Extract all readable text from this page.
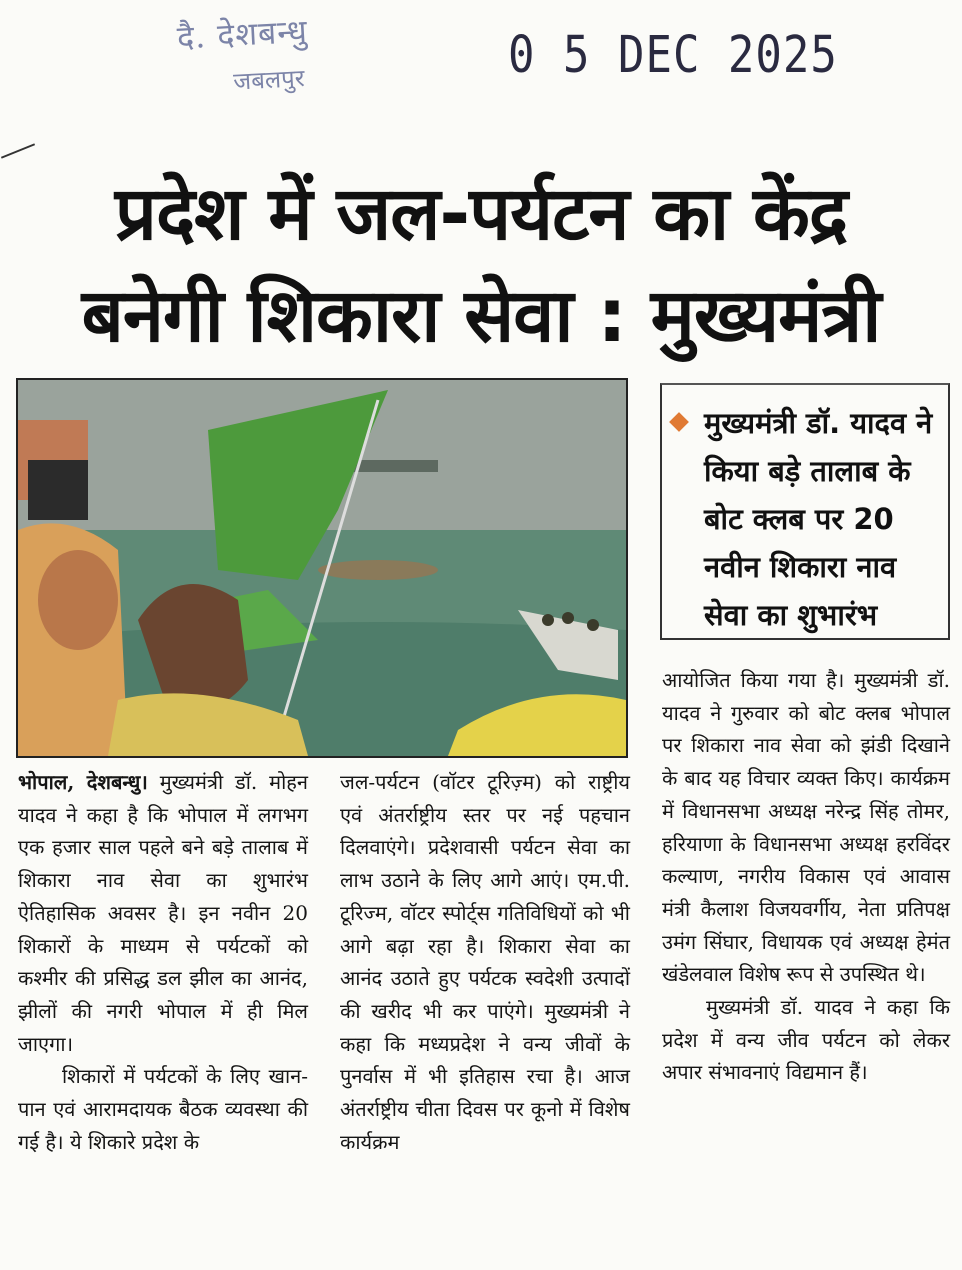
दै. देशबन्धु
जबलपुर	0 5 DEC 2025
प्रदेश में जल-पर्यटन का केंद्र
बनेगी शिकारा सेवा : मुख्यमंत्री
मुख्यमंत्री डॉ. यादव ने किया बड़े तालाब के बोट क्लब पर 20 नवीन शिकारा नाव सेवा का शुभारंभ

भोपाल, देशबन्धु। मुख्यमंत्री डॉ. मोहन यादव ने कहा है कि भोपाल में लगभग एक हजार साल पहले बने बड़े तालाब में शिकारा नाव सेवा का शुभारंभ ऐतिहासिक अवसर है। इन नवीन 20 शिकारों के माध्यम से पर्यटकों को कश्मीर की प्रसिद्ध डल झील का आनंद, झीलों की नगरी भोपाल में ही मिल जाएगा।

शिकारों में पर्यटकों के लिए खान-पान एवं आरामदायक बैठक व्यवस्था की गई है। ये शिकारे प्रदेश के

जल-पर्यटन (वॉटर टूरिज़्म) को राष्ट्रीय एवं अंतर्राष्ट्रीय स्तर पर नई पहचान दिलवाएंगे। प्रदेशवासी पर्यटन सेवा का लाभ उठाने के लिए आगे आएं। एम.पी. टूरिज्म, वॉटर स्पोर्ट्स गतिविधियों को भी आगे बढ़ा रहा है। शिकारा सेवा का आनंद उठाते हुए पर्यटक स्वदेशी उत्पादों की खरीद भी कर पाएंगे। मुख्यमंत्री ने कहा कि मध्यप्रदेश ने वन्य जीवों के पुनर्वास में भी इतिहास रचा है। आज अंतर्राष्ट्रीय चीता दिवस पर कूनो में विशेष कार्यक्रम

आयोजित किया गया है। मुख्यमंत्री डॉ. यादव ने गुरुवार को बोट क्लब भोपाल पर शिकारा नाव सेवा को झंडी दिखाने के बाद यह विचार व्यक्त किए। कार्यक्रम में विधानसभा अध्यक्ष नरेन्द्र सिंह तोमर, हरियाणा के विधानसभा अध्यक्ष हरविंदर कल्याण, नगरीय विकास एवं आवास मंत्री कैलाश विजयवर्गीय, नेता प्रतिपक्ष उमंग सिंघार, विधायक एवं अध्यक्ष हेमंत खंडेलवाल विशेष रूप से उपस्थित थे।

मुख्यमंत्री डॉ. यादव ने कहा कि प्रदेश में वन्य जीव पर्यटन को लेकर अपार संभावनाएं विद्यमान हैं।
